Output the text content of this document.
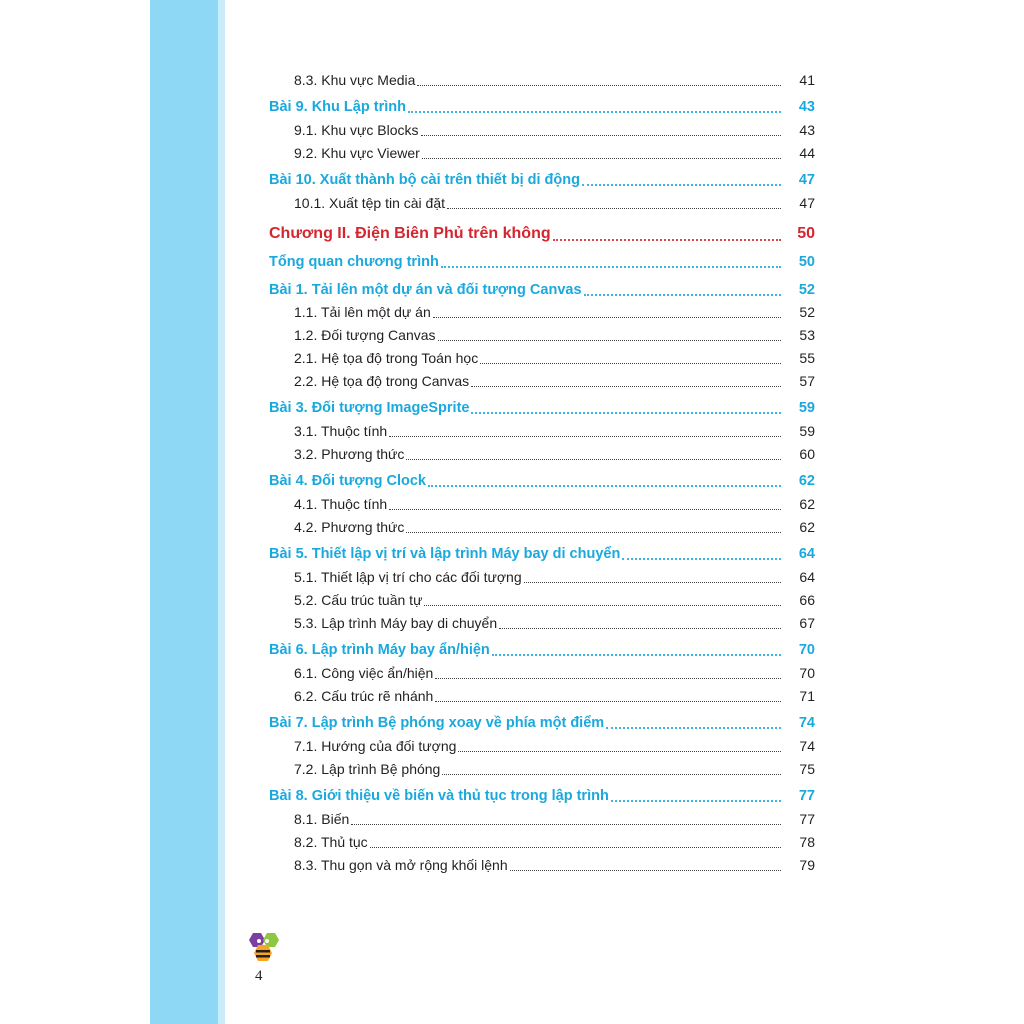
8.3. Khu vực Media	41
Bài 9. Khu Lập trình	43
9.1. Khu vực Blocks	43
9.2. Khu vực Viewer	44
Bài 10. Xuất thành bộ cài trên thiết bị di động	47
10.1. Xuất tệp tin cài đặt	47
Chương II. Điện Biên Phủ trên không	50
Tổng quan chương trình	50
Bài 1. Tải lên một dự án và đối tượng Canvas	52
1.1. Tải lên một dự án	52
1.2. Đối tượng Canvas	53
2.1. Hệ tọa độ trong Toán học	55
2.2. Hệ tọa độ trong Canvas	57
Bài 3. Đối tượng ImageSprite	59
3.1. Thuộc tính	59
3.2. Phương thức	60
Bài 4. Đối tượng Clock	62
4.1. Thuộc tính	62
4.2. Phương thức	62
Bài 5. Thiết lập vị trí và lập trình Máy bay di chuyển	64
5.1. Thiết lập vị trí cho các đối tượng	64
5.2. Cấu trúc tuần tự	66
5.3. Lập trình Máy bay di chuyển	67
Bài 6. Lập trình Máy bay ẩn/hiện	70
6.1. Công việc ẩn/hiện	70
6.2. Cấu trúc rẽ nhánh	71
Bài 7. Lập trình Bệ phóng xoay về phía một điểm	74
7.1. Hướng của đối tượng	74
7.2. Lập trình Bệ phóng	75
Bài 8. Giới thiệu về biến và thủ tục trong lập trình	77
8.1. Biến	77
8.2. Thủ tục	78
8.3. Thu gọn và mở rộng khối lệnh	79
4
